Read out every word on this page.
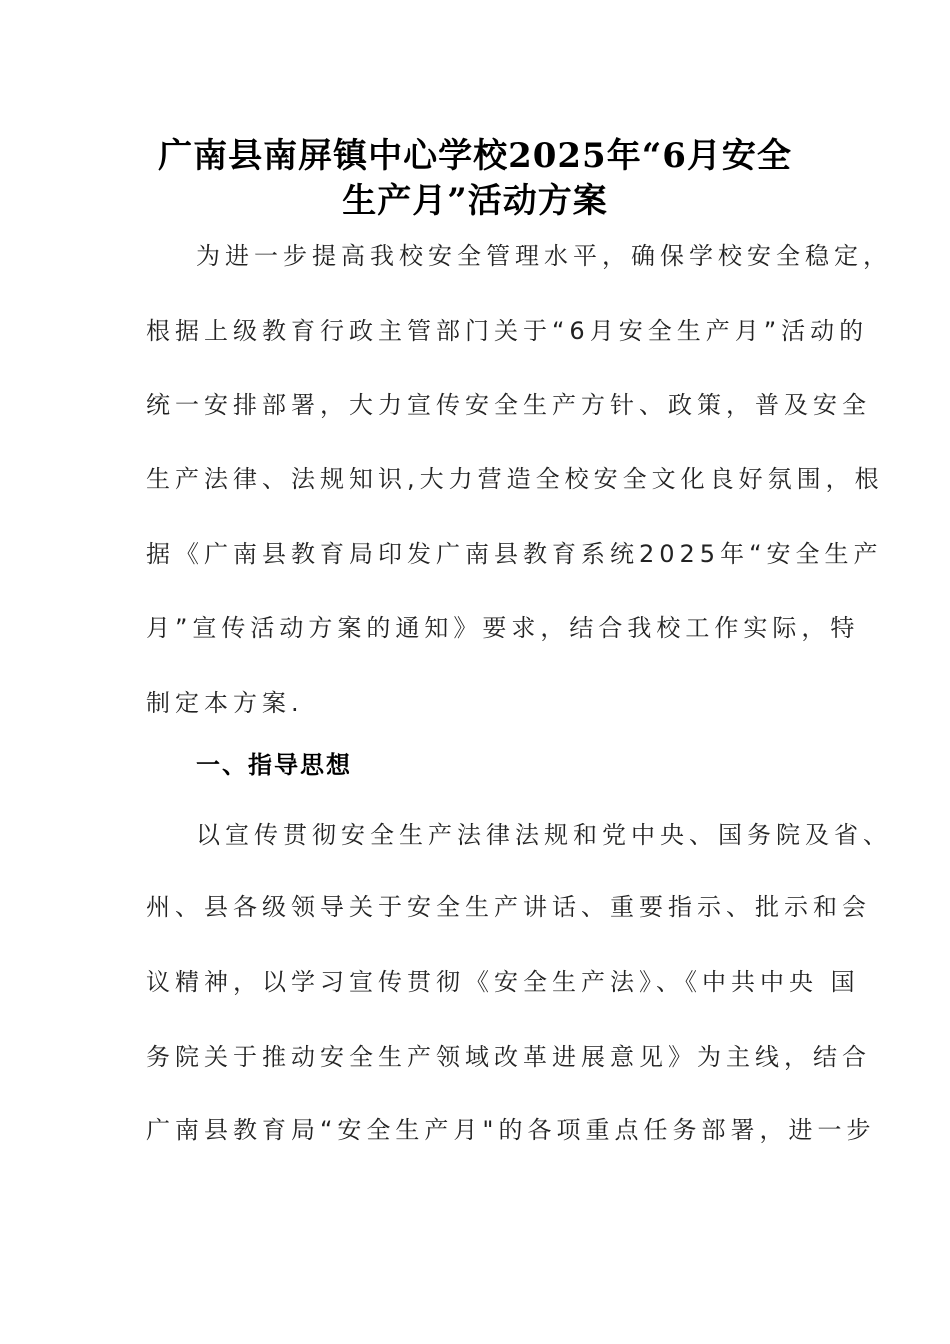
广南县南屏镇中心学校2025年“6月安全
生产月”活动方案
为进一步提高我校安全管理水平，确保学校安全稳定，
根据上级教育行政主管部门关于“6月安全生产月”活动的
统一安排部署，大力宣传安全生产方针、政策，普及安全
生产法律、法规知识,大力营造全校安全文化良好氛围，根
据《广南县教育局印发广南县教育系统2025年“安全生产
月”宣传活动方案的通知》要求，结合我校工作实际，特
制定本方案.
一、指导思想
以宣传贯彻安全生产法律法规和党中央、国务院及省、
州、县各级领导关于安全生产讲话、重要指示、批示和会
议精神，以学习宣传贯彻《安全生产法》、《中共中央 国
务院关于推动安全生产领域改革进展意见》为主线，结合
广南县教育局“安全生产月"的各项重点任务部署，进一步
